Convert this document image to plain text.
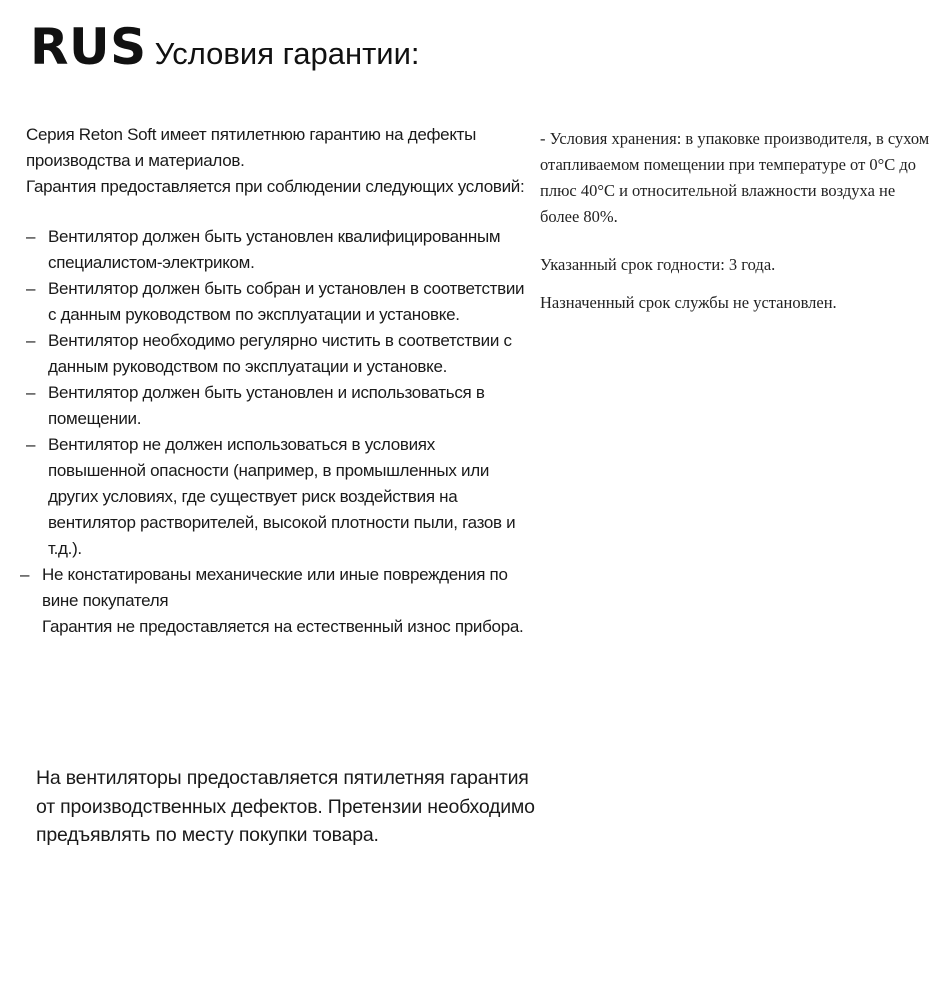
RUS Условия гарантии:

Серия Reton Soft имеет пятилетнюю гарантию на дефекты производства и материалов.

Гарантия предоставляется при соблюдении следующих условий:

– Вентилятор должен быть установлен квалифицированным специалистом-электриком.
– Вентилятор должен быть собран и установлен в соответствии с данным руководством по эксплуатации и установке.
– Вентилятор необходимо регулярно чистить в соответствии с данным руководством по эксплуатации и установке.
– Вентилятор должен быть установлен и использоваться в помещении.
– Вентилятор не должен использоваться в условиях повышенной опасности (например, в промышленных или других условиях, где существует риск воздействия на вентилятор растворителей, высокой плотности пыли, газов и т.д.).
– Не констатированы механические или иные повреждения по вине покупателя

Гарантия не предоставляется на естественный износ прибора.

На вентиляторы предоставляется пятилетняя гарантия от производственных дефектов. Претензии необходимо предъявлять по месту покупки товара.

- Условия хранения: в упаковке производителя, в сухом отапливаемом помещении при температуре от 0°C до плюс 40°C и относительной влажности воздуха не более 80%.

Указанный срок годности: 3 года.

Назначенный срок службы не установлен.
